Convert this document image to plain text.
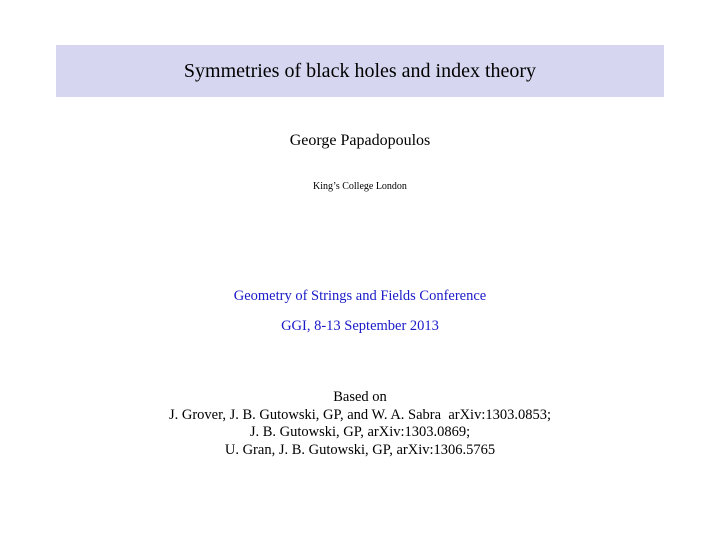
Symmetries of black holes and index theory
George Papadopoulos
King’s College London
Geometry of Strings and Fields Conference
GGI, 8-13 September 2013
Based on
J. Grover, J. B. Gutowski, GP, and W. A. Sabra  arXiv:1303.0853;
J. B. Gutowski, GP, arXiv:1303.0869;
U. Gran, J. B. Gutowski, GP, arXiv:1306.5765
